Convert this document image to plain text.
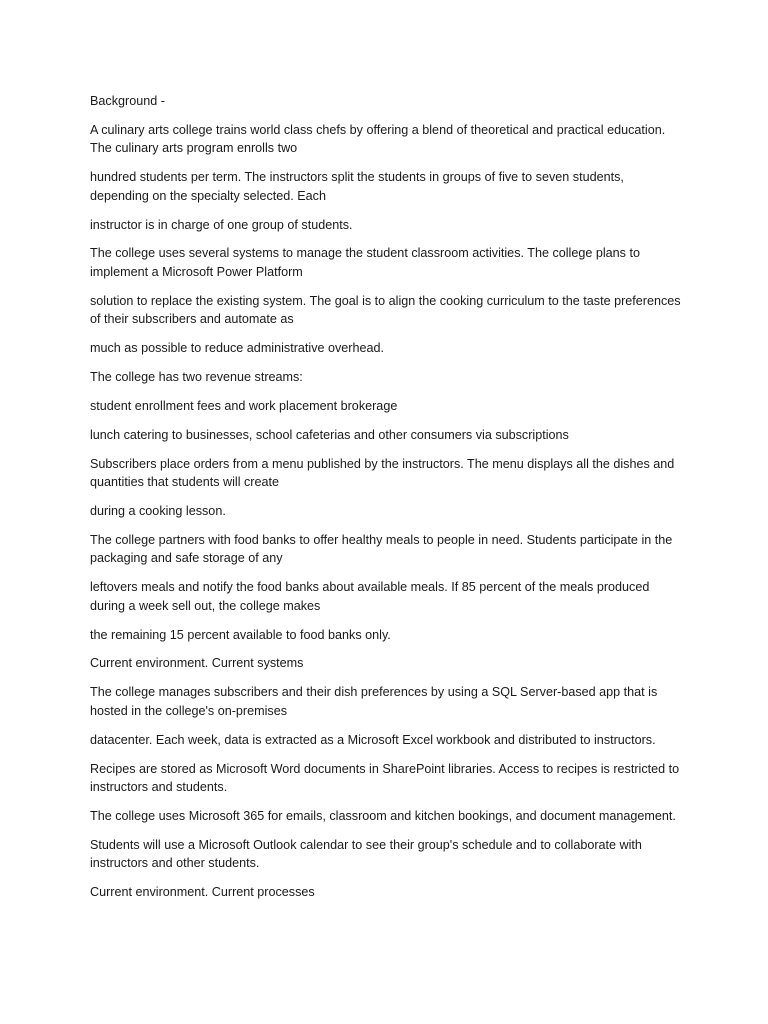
Background -

A culinary arts college trains world class chefs by offering a blend of theoretical and practical education. The culinary arts program enrolls two

hundred students per term. The instructors split the students in groups of five to seven students, depending on the specialty selected. Each

instructor is in charge of one group of students.

The college uses several systems to manage the student classroom activities. The college plans to implement a Microsoft Power Platform

solution to replace the existing system. The goal is to align the cooking curriculum to the taste preferences of their subscribers and automate as

much as possible to reduce administrative overhead.

The college has two revenue streams:

student enrollment fees and work placement brokerage

lunch catering to businesses, school cafeterias and other consumers via subscriptions

Subscribers place orders from a menu published by the instructors. The menu displays all the dishes and quantities that students will create

during a cooking lesson.

The college partners with food banks to offer healthy meals to people in need. Students participate in the packaging and safe storage of any

leftovers meals and notify the food banks about available meals. If 85 percent of the meals produced during a week sell out, the college makes

the remaining 15 percent available to food banks only.

Current environment. Current systems

The college manages subscribers and their dish preferences by using a SQL Server-based app that is hosted in the college's on-premises

datacenter. Each week, data is extracted as a Microsoft Excel workbook and distributed to instructors.

Recipes are stored as Microsoft Word documents in SharePoint libraries. Access to recipes is restricted to instructors and students.

The college uses Microsoft 365 for emails, classroom and kitchen bookings, and document management.

Students will use a Microsoft Outlook calendar to see their group's schedule and to collaborate with instructors and other students.

Current environment. Current processes
